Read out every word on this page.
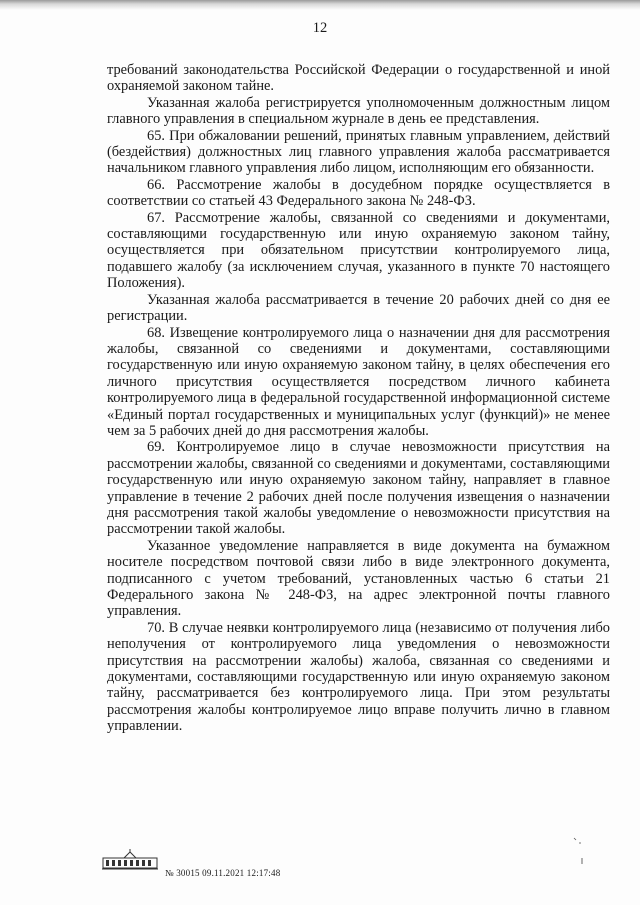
12

требований законодательства Российской Федерации о государственной и иной охраняемой законом тайне.

Указанная жалоба регистрируется уполномоченным должностным лицом главного управления в специальном журнале в день ее представления.

65. При обжаловании решений, принятых главным управлением, действий (бездействия) должностных лиц главного управления жалоба рассматривается начальником главного управления либо лицом, исполняющим его обязанности.

66. Рассмотрение жалобы в досудебном порядке осуществляется в соответствии со статьей 43 Федерального закона № 248-ФЗ.

67. Рассмотрение жалобы, связанной со сведениями и документами, составляющими государственную или иную охраняемую законом тайну, осуществляется при обязательном присутствии контролируемого лица, подавшего жалобу (за исключением случая, указанного в пункте 70 настоящего Положения).

Указанная жалоба рассматривается в течение 20 рабочих дней со дня ее регистрации.

68. Извещение контролируемого лица о назначении дня для рассмотрения жалобы, связанной со сведениями и документами, составляющими государственную или иную охраняемую законом тайну, в целях обеспечения его личного присутствия осуществляется посредством личного кабинета контролируемого лица в федеральной государственной информационной системе «Единый портал государственных и муниципальных услуг (функций)» не менее чем за 5 рабочих дней до дня рассмотрения жалобы.

69. Контролируемое лицо в случае невозможности присутствия на рассмотрении жалобы, связанной со сведениями и документами, составляющими государственную или иную охраняемую законом тайну, направляет в главное управление в течение 2 рабочих дней после получения извещения о назначении дня рассмотрения такой жалобы уведомление о невозможности присутствия на рассмотрении такой жалобы.

Указанное уведомление направляется в виде документа на бумажном носителе посредством почтовой связи либо в виде электронного документа, подписанного с учетом требований, установленных частью 6 статьи 21 Федерального закона № 248-ФЗ, на адрес электронной почты главного управления.

70. В случае неявки контролируемого лица (независимо от получения либо неполучения от контролируемого лица уведомления о невозможности присутствия на рассмотрении жалобы) жалоба, связанная со сведениями и документами, составляющими государственную или иную охраняемую законом тайну, рассматривается без контролируемого лица. При этом результаты рассмотрения жалобы контролируемое лицо вправе получить лично в главном управлении.

№ 30015 09.11.2021 12:17:48
